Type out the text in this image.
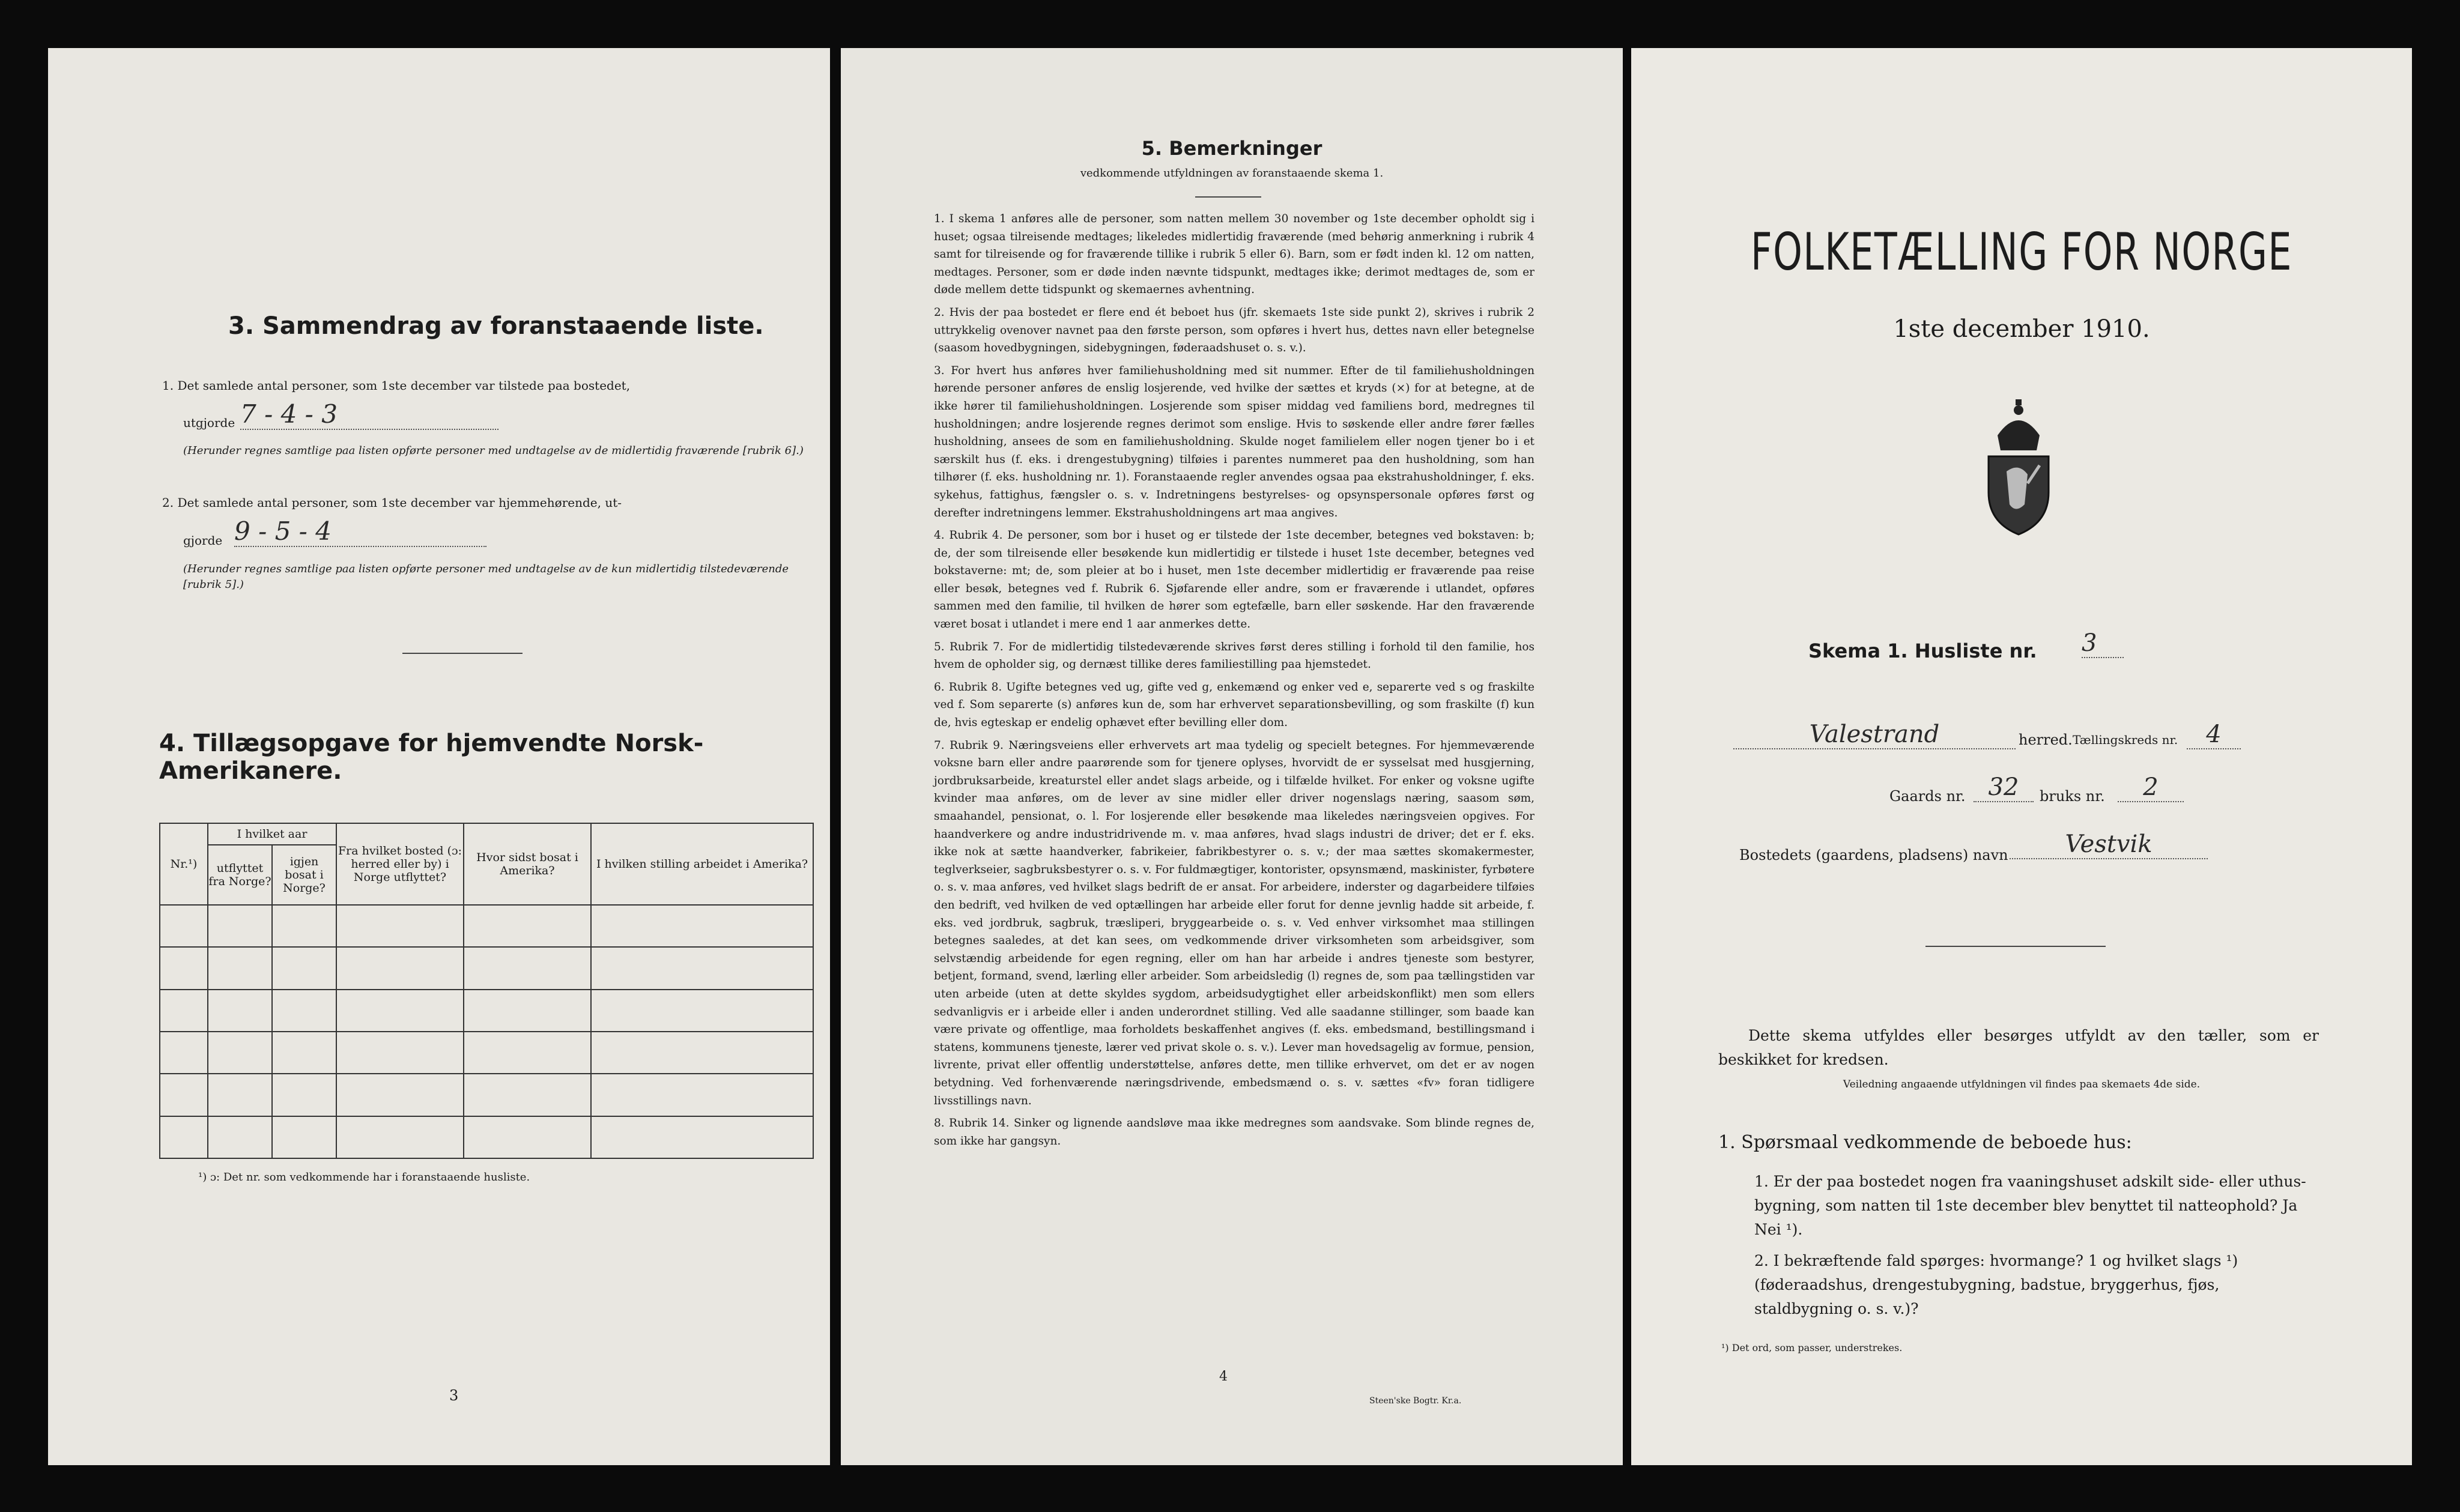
3. Sammendrag av foranstaaende liste.
1. Det samlede antal personer, som 1ste december var tilstede paa bostedet,
utgjorde 7 - 4 - 3
(Herunder regnes samtlige paa listen opførte personer med undtagelse av de midlertidig fraværende [rubrik 6].)
2. Det samlede antal personer, som 1ste december var hjemmehørende, ut-
gjorde 9 - 5 - 4
(Herunder regnes samtlige paa listen opførte personer med undtagelse av de kun midlertidig tilstedeværende [rubrik 5].)
4. Tillægsopgave for hjemvendte Norsk-Amerikanere.
Nr.¹)	I hvilket aar		Fra hvilket bosted (ɔ: herred eller by) i Norge utflyttet?	Hvor sidst bosat i Amerika?	I hvilken stilling arbeidet i Amerika?
	utflyttet fra Norge?	igjen bosat i Norge?			

¹) ɔ: Det nr. som vedkommende har i foranstaaende husliste.
3
5. Bemerkninger
vedkommende utfyldningen av foranstaaende skema 1.

1. I skema 1 anføres alle de personer, som natten mellem 30 november og 1ste december opholdt sig i huset; ogsaa tilreisende medtages; likeledes midlertidig fraværende (med behørig anmerkning i rubrik 4 samt for tilreisende og for fraværende tillike i rubrik 5 eller 6). Barn, som er født inden kl. 12 om natten, medtages. Personer, som er døde inden nævnte tidspunkt, medtages ikke; derimot medtages de, som er døde mellem dette tidspunkt og skemaernes avhentning.

2. Hvis der paa bostedet er flere end ét beboet hus (jfr. skemaets 1ste side punkt 2), skrives i rubrik 2 uttrykkelig ovenover navnet paa den første person, som opføres i hvert hus, dettes navn eller betegnelse (saasom hovedbygningen, sidebygningen, føderaadshuset o. s. v.).

3. For hvert hus anføres hver familiehusholdning med sit nummer. Efter de til familiehusholdningen hørende personer anføres de enslig losjerende, ved hvilke der sættes et kryds (×) for at betegne, at de ikke hører til familiehusholdningen. Losjerende som spiser middag ved familiens bord, medregnes til husholdningen; andre losjerende regnes derimot som enslige. Hvis to søskende eller andre fører fælles husholdning, ansees de som en familiehusholdning. Skulde noget familielem eller nogen tjener bo i et særskilt hus (f. eks. i drengestubygning) tilføies i parentes nummeret paa den husholdning, som han tilhører (f. eks. husholdning nr. 1). Foranstaaende regler anvendes ogsaa paa ekstrahusholdninger, f. eks. sykehus, fattighus, fængsler o. s. v. Indretningens bestyrelses- og opsynspersonale opføres først og derefter indretningens lemmer. Ekstrahusholdningens art maa angives.

4. Rubrik 4. De personer, som bor i huset og er tilstede der 1ste december, betegnes ved bokstaven: b; de, der som tilreisende eller besøkende kun midlertidig er tilstede i huset 1ste december, betegnes ved bokstaverne: mt; de, som pleier at bo i huset, men 1ste december midlertidig er fraværende paa reise eller besøk, betegnes ved f. Rubrik 6. Sjøfarende eller andre, som er fraværende i utlandet, opføres sammen med den familie, til hvilken de hører som egtefælle, barn eller søskende. Har den fraværende været bosat i utlandet i mere end 1 aar anmerkes dette.

5. Rubrik 7. For de midlertidig tilstedeværende skrives først deres stilling i forhold til den familie, hos hvem de opholder sig, og dernæst tillike deres familiestilling paa hjemstedet.

6. Rubrik 8. Ugifte betegnes ved ug, gifte ved g, enkemænd og enker ved e, separerte ved s og fraskilte ved f. Som separerte (s) anføres kun de, som har erhvervet separationsbevilling, og som fraskilte (f) kun de, hvis egteskap er endelig ophævet efter bevilling eller dom.

7. Rubrik 9. Næringsveiens eller erhvervets art maa tydelig og specielt betegnes. For hjemmeværende voksne barn eller andre paarørende som for tjenere oplyses, hvorvidt de er sysselsat med husgjerning, jordbruksarbeide, kreaturstel eller andet slags arbeide, og i tilfælde hvilket. For enker og voksne ugifte kvinder maa anføres, om de lever av sine midler eller driver nogenslags næring, saasom søm, smaahandel, pensionat, o. l. For losjerende eller besøkende maa likeledes næringsveien opgives. For haandverkere og andre industridrivende m. v. maa anføres, hvad slags industri de driver; det er f. eks. ikke nok at sætte haandverker, fabrikeier, fabrikbestyrer o. s. v.; der maa sættes skomakermester, teglverkseier, sagbruksbestyrer o. s. v. For fuldmægtiger, kontorister, opsynsmænd, maskinister, fyrbøtere o. s. v. maa anføres, ved hvilket slags bedrift de er ansat. For arbeidere, inderster og dagarbeidere tilføies den bedrift, ved hvilken de ved optællingen har arbeide eller forut for denne jevnlig hadde sit arbeide, f. eks. ved jordbruk, sagbruk, træsliperi, bryggearbeide o. s. v. Ved enhver virksomhet maa stillingen betegnes saaledes, at det kan sees, om vedkommende driver virksomheten som arbeidsgiver, som selvstændig arbeidende for egen regning, eller om han har arbeide i andres tjeneste som bestyrer, betjent, formand, svend, lærling eller arbeider. Som arbeidsledig (l) regnes de, som paa tællingstiden var uten arbeide (uten at dette skyldes sygdom, arbeidsudygtighet eller arbeidskonflikt) men som ellers sedvanligvis er i arbeide eller i anden underordnet stilling. Ved alle saadanne stillinger, som baade kan være private og offentlige, maa forholdets beskaffenhet angives (f. eks. embedsmand, bestillingsmand i statens, kommunens tjeneste, lærer ved privat skole o. s. v.). Lever man hovedsagelig av formue, pension, livrente, privat eller offentlig understøttelse, anføres dette, men tillike erhvervet, om det er av nogen betydning. Ved forhenværende næringsdrivende, embedsmænd o. s. v. sættes «fv» foran tidligere livsstillings navn.

8. Rubrik 14. Sinker og lignende aandsløve maa ikke medregnes som aandsvake. Som blinde regnes de, som ikke har gangsyn.

4
Steen'ske Bogtr. Kr.a.
FOLKETÆLLING FOR NORGE
1ste december 1910.
Skema 1. Husliste nr. 3
Valestrand	herred. Tællingskreds nr.	4
Gaards nr. 32	bruks nr.	2
Bostedets (gaardens, pladsens) navn	Vestvik
Dette skema utfyldes eller besørges utfyldt av den tæller, som er beskikket for kredsen.
Veiledning angaaende utfyldningen vil findes paa skemaets 4de side.
1. Spørsmaal vedkommende de beboede hus:
1. Er der paa bostedet nogen fra vaaningshuset adskilt side- eller uthus-bygning, som natten til 1ste december blev benyttet til natteophold? Ja Nei ¹).
2. I bekræftende fald spørges: hvormange? 1 og hvilket slags ¹) (føderaadshus, drengestubygning, badstue, bryggerhus, fjøs, staldbygning o. s. v.)?
¹) Det ord, som passer, understrekes.
